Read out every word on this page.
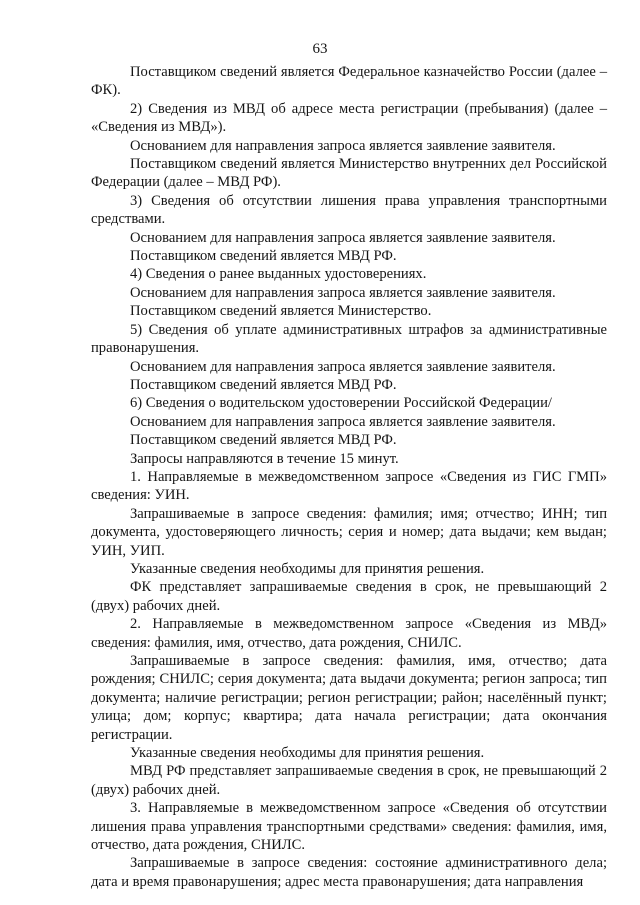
63

Поставщиком сведений является Федеральное казначейство России (далее – ФК).

2) Сведения из МВД об адресе места регистрации (пребывания) (далее – «Сведения из МВД»).

Основанием для направления запроса является заявление заявителя.

Поставщиком сведений является Министерство внутренних дел Российской Федерации (далее – МВД РФ).

3) Сведения об отсутствии лишения права управления транспортными средствами.

Основанием для направления запроса является заявление заявителя.

Поставщиком сведений является МВД РФ.

4) Сведения о ранее выданных удостоверениях.

Основанием для направления запроса является заявление заявителя.

Поставщиком сведений является Министерство.

5) Сведения об уплате административных штрафов за административные правонарушения.

Основанием для направления запроса является заявление заявителя.

Поставщиком сведений является МВД РФ.

6) Сведения о водительском удостоверении Российской Федерации/

Основанием для направления запроса является заявление заявителя.

Поставщиком сведений является МВД РФ.

Запросы направляются в течение 15 минут.

1. Направляемые в межведомственном запросе «Сведения из ГИС ГМП» сведения: УИН.

Запрашиваемые в запросе сведения: фамилия; имя; отчество; ИНН; тип документа, удостоверяющего личность; серия и номер; дата выдачи; кем выдан; УИН, УИП.

Указанные сведения необходимы для принятия решения.

ФК представляет запрашиваемые сведения в срок, не превышающий 2 (двух) рабочих дней.

2. Направляемые в межведомственном запросе «Сведения из МВД» сведения: фамилия, имя, отчество, дата рождения, СНИЛС.

Запрашиваемые в запросе сведения: фамилия, имя, отчество; дата рождения; СНИЛС; серия документа; дата выдачи документа; регион запроса; тип документа; наличие регистрации; регион регистрации; район; населённый пункт; улица; дом; корпус; квартира; дата начала регистрации; дата окончания регистрации.

Указанные сведения необходимы для принятия решения.

МВД РФ представляет запрашиваемые сведения в срок, не превышающий 2 (двух) рабочих дней.

3. Направляемые в межведомственном запросе «Сведения об отсутствии лишения права управления транспортными средствами» сведения: фамилия, имя, отчество, дата рождения, СНИЛС.

Запрашиваемые в запросе сведения: состояние административного дела; дата и время правонарушения; адрес места правонарушения; дата направления
